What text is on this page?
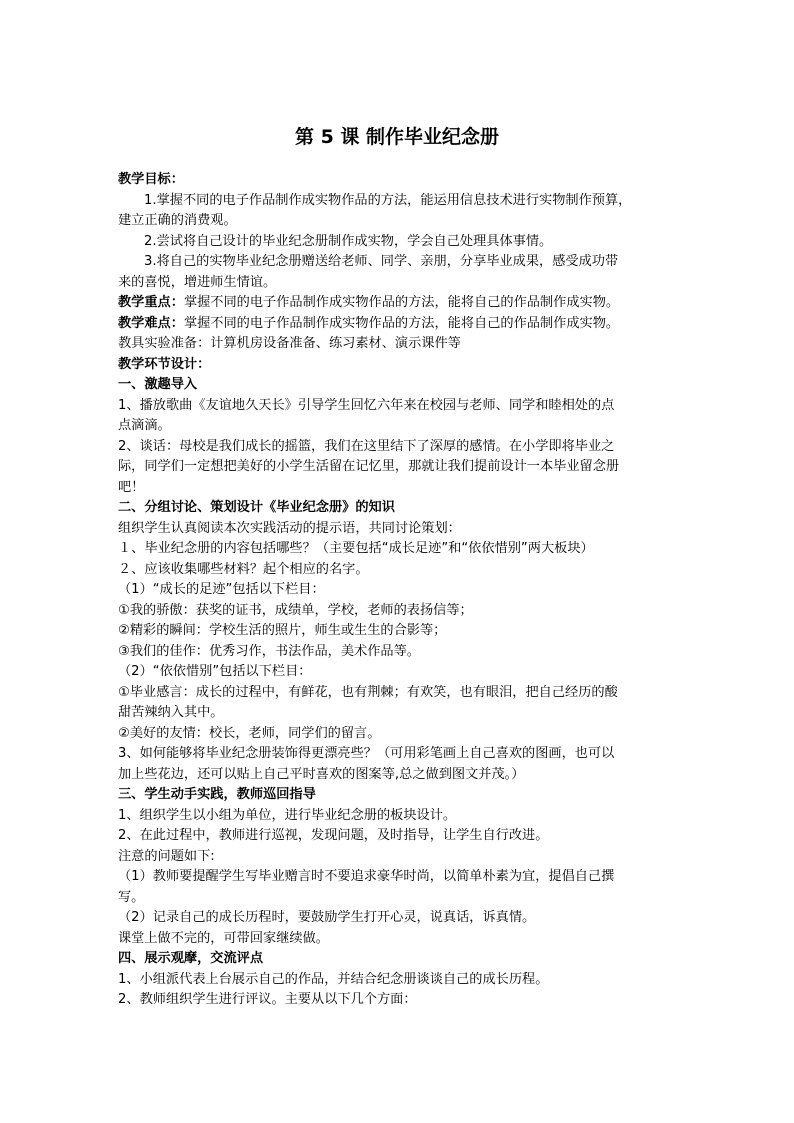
第 5 课 制作毕业纪念册

教学目标：

1.掌握不同的电子作品制作成实物作品的方法，能运用信息技术进行实物制作预算，

建立正确的消费观。

2.尝试将自己设计的毕业纪念册制作成实物，学会自己处理具体事情。

3.将自己的实物毕业纪念册赠送给老师、同学、亲朋，分享毕业成果，感受成功带

来的喜悦，增进师生情谊。

教学重点：掌握不同的电子作品制作成实物作品的方法，能将自己的作品制作成实物。

教学难点：掌握不同的电子作品制作成实物作品的方法，能将自己的作品制作成实物。

教具实验准备：计算机房设备准备、练习素材、演示课件等

教学环节设计：

一、激趣导入

1、播放歌曲《友谊地久天长》引导学生回忆六年来在校园与老师、同学和睦相处的点

点滴滴。

2、谈话：母校是我们成长的摇篮，我们在这里结下了深厚的感情。在小学即将毕业之

际，同学们一定想把美好的小学生活留在记忆里，那就让我们提前设计一本毕业留念册

吧！

二、分组讨论、策划设计《毕业纪念册》的知识

组织学生认真阅读本次实践活动的提示语，共同讨论策划：

１、毕业纪念册的内容包括哪些？（主要包括“成长足迹”和“依依惜别”两大板块）

２、应该收集哪些材料？起个相应的名字。

（1）“成长的足迹”包括以下栏目：

①我的骄傲：获奖的证书，成绩单，学校，老师的表扬信等；

②精彩的瞬间：学校生活的照片，师生或生生的合影等；

③我们的佳作：优秀习作，书法作品，美术作品等。

（2）“依依惜别”包括以下栏目：

①毕业感言：成长的过程中，有鲜花，也有荆棘；有欢笑，也有眼泪，把自己经历的酸

甜苦辣纳入其中。

②美好的友情：校长，老师，同学们的留言。

3、如何能够将毕业纪念册装饰得更漂亮些？（可用彩笔画上自己喜欢的图画，也可以

加上些花边，还可以贴上自己平时喜欢的图案等,总之做到图文并茂。）

三、学生动手实践，教师巡回指导

1、组织学生以小组为单位，进行毕业纪念册的板块设计。

2、在此过程中，教师进行巡视，发现问题，及时指导，让学生自行改进。

注意的问题如下:

（1）教师要提醒学生写毕业赠言时不要追求豪华时尚，以简单朴素为宜，提倡自己撰

写。

（2）记录自己的成长历程时，要鼓励学生打开心灵，说真话，诉真情。

课堂上做不完的，可带回家继续做。

四、展示观摩，交流评点

1、小组派代表上台展示自己的作品，并结合纪念册谈谈自己的成长历程。

2、教师组织学生进行评议。主要从以下几个方面：
